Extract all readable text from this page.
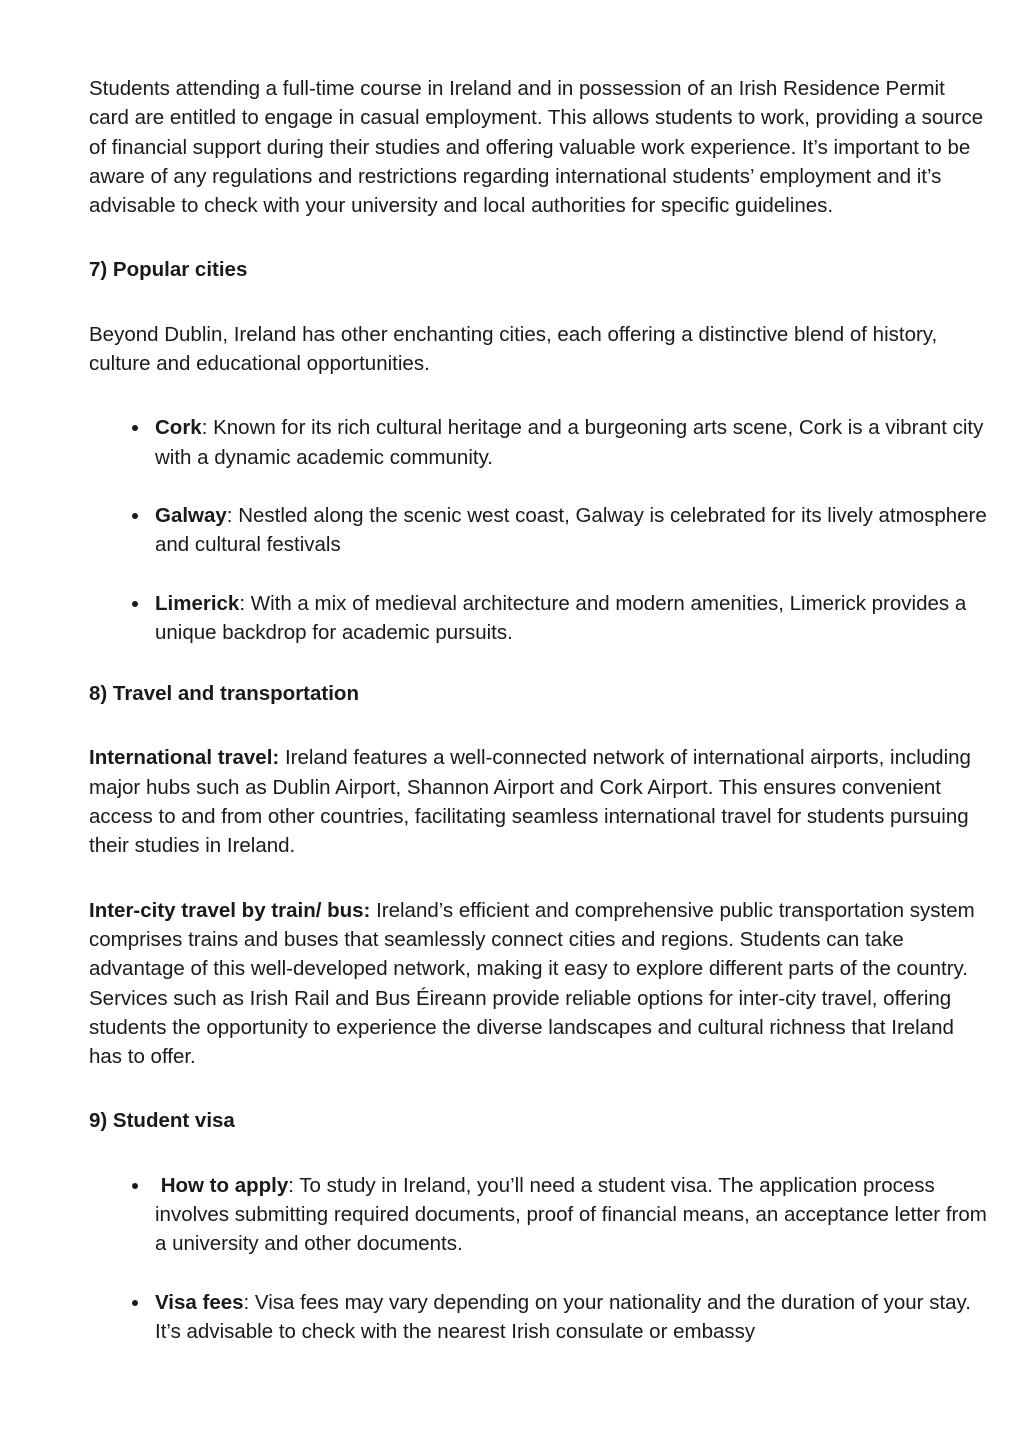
Students attending a full-time course in Ireland and in possession of an Irish Residence Permit card are entitled to engage in casual employment. This allows students to work, providing a source of financial support during their studies and offering valuable work experience. It’s important to be aware of any regulations and restrictions regarding international students’ employment and it’s advisable to check with your university and local authorities for specific guidelines.

7) Popular cities

Beyond Dublin, Ireland has other enchanting cities, each offering a distinctive blend of history, culture and educational opportunities.

Cork: Known for its rich cultural heritage and a burgeoning arts scene, Cork is a vibrant city with a dynamic academic community.
Galway: Nestled along the scenic west coast, Galway is celebrated for its lively atmosphere and cultural festivals
Limerick: With a mix of medieval architecture and modern amenities, Limerick provides a unique backdrop for academic pursuits.
8) Travel and transportation

International travel: Ireland features a well-connected network of international airports, including major hubs such as Dublin Airport, Shannon Airport and Cork Airport. This ensures convenient access to and from other countries, facilitating seamless international travel for students pursuing their studies in Ireland.

Inter-city travel by train/ bus: Ireland’s efficient and comprehensive public transportation system comprises trains and buses that seamlessly connect cities and regions. Students can take advantage of this well-developed network, making it easy to explore different parts of the country. Services such as Irish Rail and Bus Éireann provide reliable options for inter-city travel, offering students the opportunity to experience the diverse landscapes and cultural richness that Ireland has to offer.

9) Student visa
How to apply: To study in Ireland, you’ll need a student visa. The application process involves submitting required documents, proof of financial means, an acceptance letter from a university and other documents.
Visa fees: Visa fees may vary depending on your nationality and the duration of your stay. It’s advisable to check with the nearest Irish consulate or embassy
